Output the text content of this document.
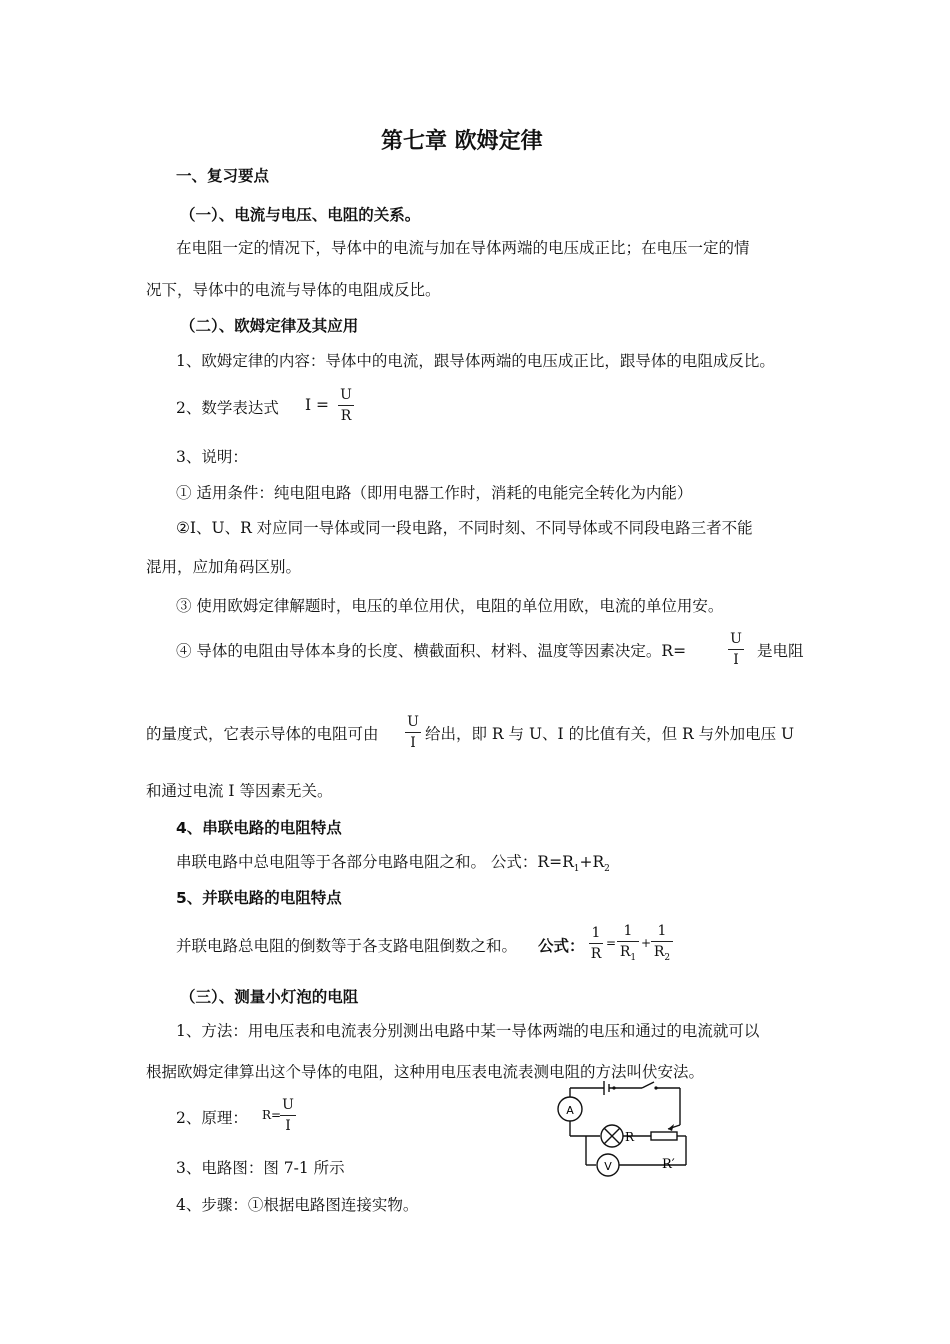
第七章 欧姆定律
一、复习要点
（一）、电流与电压、电阻的关系。
在电阻一定的情况下，导体中的电流与加在导体两端的电压成正比；在电压一定的情
况下，导体中的电流与导体的电阻成反比。
（二）、欧姆定律及其应用
1、欧姆定律的内容：导体中的电流，跟导体两端的电压成正比，跟导体的电阻成反比。
2、数学表达式 I =
U
R
3、说明：
① 适用条件：纯电阻电路（即用电器工作时，消耗的电能完全转化为内能）
②I、U、R 对应同一导体或同一段电路，不同时刻、不同导体或不同段电路三者不能
混用，应加角码区别。
③ 使用欧姆定律解题时，电压的单位用伏，电阻的单位用欧，电流的单位用安。
④ 导体的电阻由导体本身的长度、横截面积、材料、温度等因素决定。R=
U
I	是电阻
的量度式，它表示导体的电阻可由
U
I 给出，即 R 与 U、I 的比值有关，但 R 与外加电压 U
和通过电流 I 等因素无关。
4、串联电路的电阻特点
串联电路中总电阻等于各部分电路电阻之和。 公式：$R=R_1+R_2$
5、并联电路的电阻特点
并联电路总电阻的倒数等于各支路电阻倒数之和。 公式：
1
R
=
1
$R_1$
+
1
$R_2$
（三）、测量小灯泡的电阻
1、方法：用电压表和电流表分别测出电路中某一导体两端的电压和通过的电流就可以
根据欧姆定律算出这个导体的电阻，这种用电压表电流表测电阻的方法叫伏安法。
2、原理： R=
U
I
3、电路图：图 7-1 所示
4、步骤：①根据电路图连接实物。
A
V
R
R′
